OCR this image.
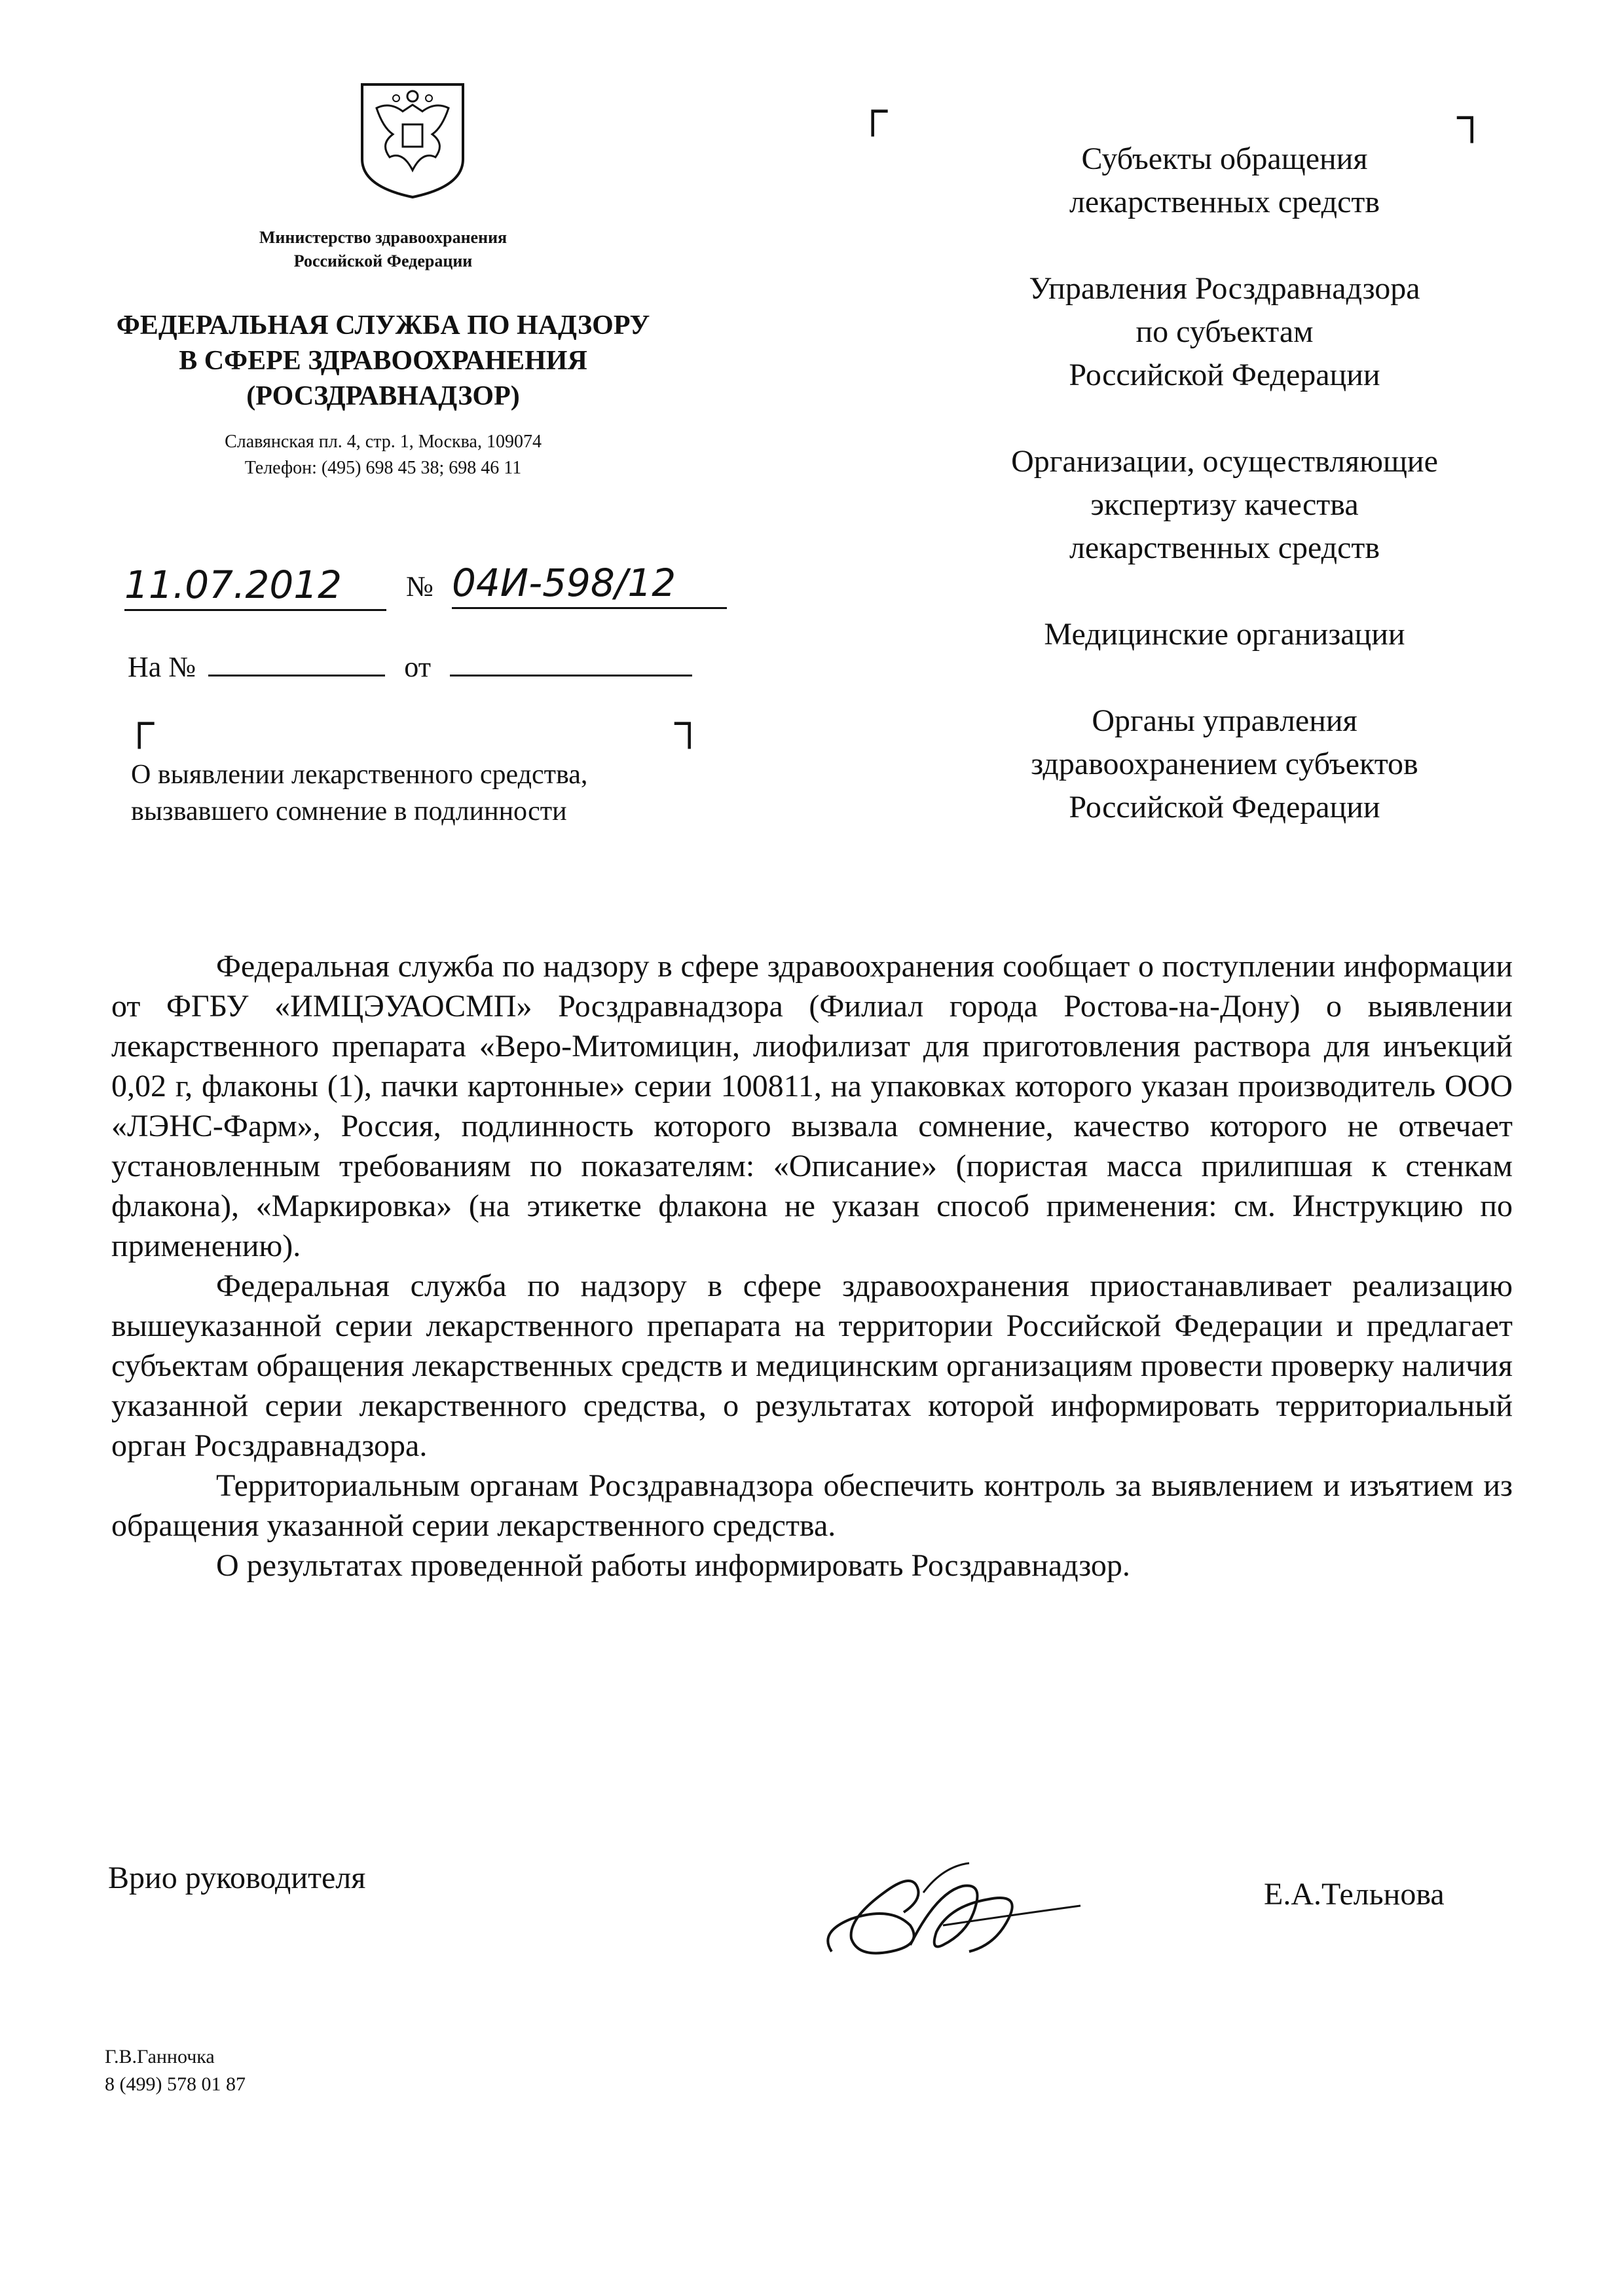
Министерство здравоохранения
Российской Федерации
ФЕДЕРАЛЬНАЯ СЛУЖБА ПО НАДЗОРУ
В СФЕРЕ ЗДРАВООХРАНЕНИЯ
(РОСЗДРАВНАДЗОР)
Славянская пл. 4, стр. 1, Москва, 109074
Телефон: (495) 698 45 38; 698 46 11
11.07.2012	№ 04И-598/12
На №	от
┌	┐
┌	┐
О выявлении лекарственного средства,
вызвавшего сомнение в подлинности
Субъекты обращения
лекарственных средств
Управления Росздравнадзора
по субъектам
Российской Федерации
Организации, осуществляющие
экспертизу качества
лекарственных средств
Медицинские организации
Органы управления
здравоохранением субъектов
Российской Федерации

Федеральная служба по надзору в сфере здравоохранения сообщает о поступлении информации от ФГБУ «ИМЦЭУАОСМП» Росздравнадзора (Филиал города Ростова-на-Дону) о выявлении лекарственного препарата «Веро-Митомицин, лиофилизат для приготовления раствора для инъекций 0,02 г, флаконы (1), пачки картонные» серии 100811, на упаковках которого указан производитель ООО «ЛЭНС-Фарм», Россия, подлинность которого вызвала сомнение, качество которого не отвечает установленным требованиям по показателям: «Описание» (пористая масса прилипшая к стенкам флакона), «Маркировка» (на этикетке флакона не указан способ применения: см. Инструкцию по применению).

Федеральная служба по надзору в сфере здравоохранения приостанавливает реализацию вышеуказанной серии лекарственного препарата на территории Российской Федерации и предлагает субъектам обращения лекарственных средств и медицинским организациям провести проверку наличия указанной серии лекарственного средства, о результатах которой информировать территориальный орган Росздравнадзора.

Территориальным органам Росздравнадзора обеспечить контроль за выявлением и изъятием из обращения указанной серии лекарственного средства.

О результатах проведенной работы информировать Росздравнадзор.

Врио руководителя	Е.А.Тельнова
Г.В.Ганночка
8 (499) 578 01 87
